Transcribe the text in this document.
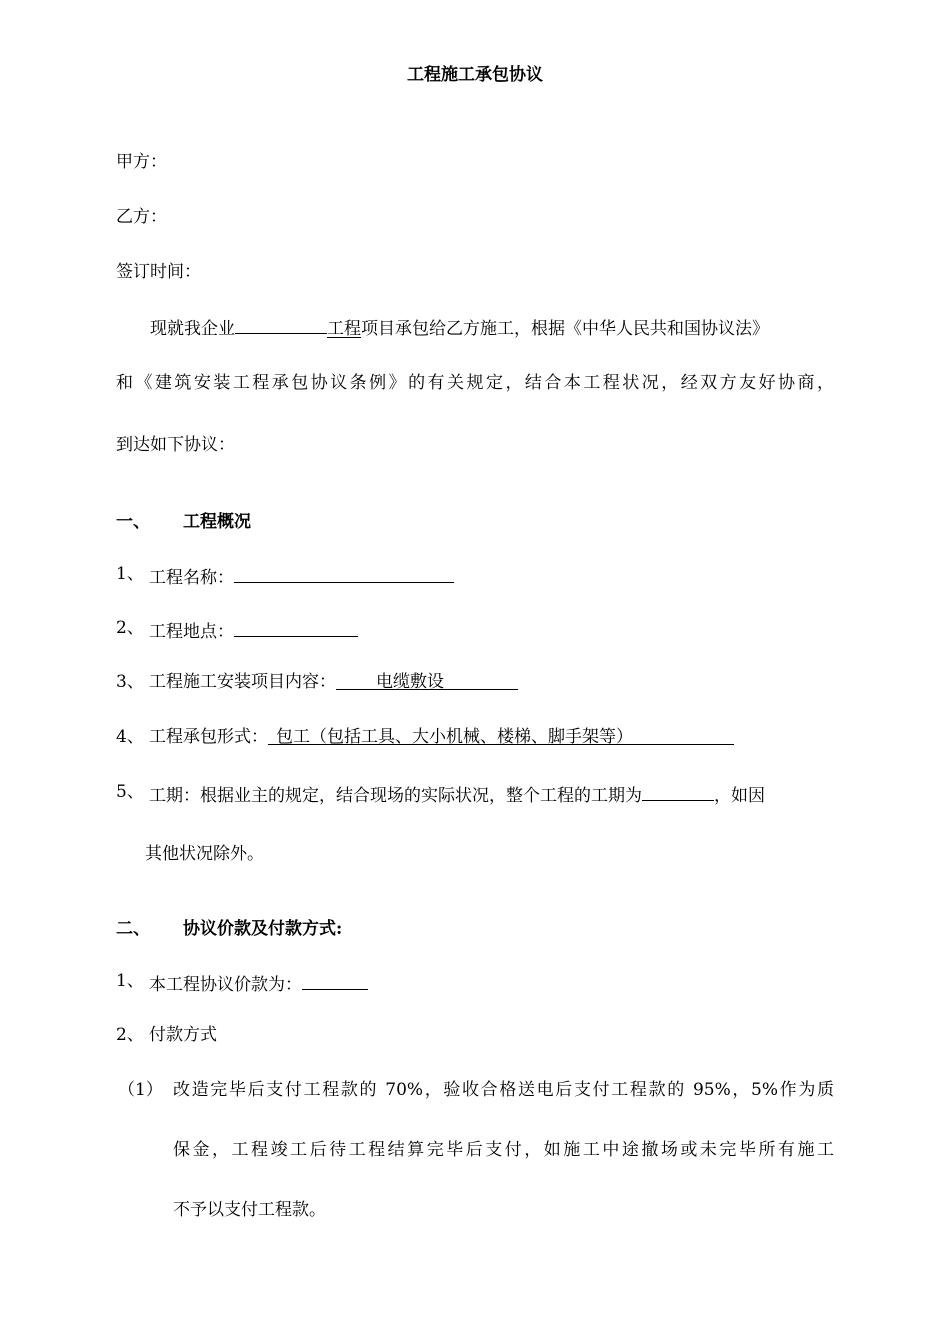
工程施工承包协议
甲方：
乙方：
签订时间：
现就我企业	工程项目承包给乙方施工，根据《中华人民共和国协议法》
和《建筑安装工程承包协议条例》的有关规定，结合本工程状况，经双方友好协商，
到达如下协议：
一、 工程概况
1、 工程名称：
2、 工程地点：
3、 工程施工安装项目内容： 电缆敷设
4、 工程承包形式： 包工（包括工具、大小机械、楼梯、脚手架等）
5、 工期：根据业主的规定，结合现场的实际状况，整个工程的工期为	，如因
其他状况除外。
二、 协议价款及付款方式:
1、 本工程协议价款为：
2、 付款方式
（1） 改造完毕后支付工程款的 70%，验收合格送电后支付工程款的 95%，5%作为质
保金，工程竣工后待工程结算完毕后支付，如施工中途撤场或未完毕所有施工
不予以支付工程款。
